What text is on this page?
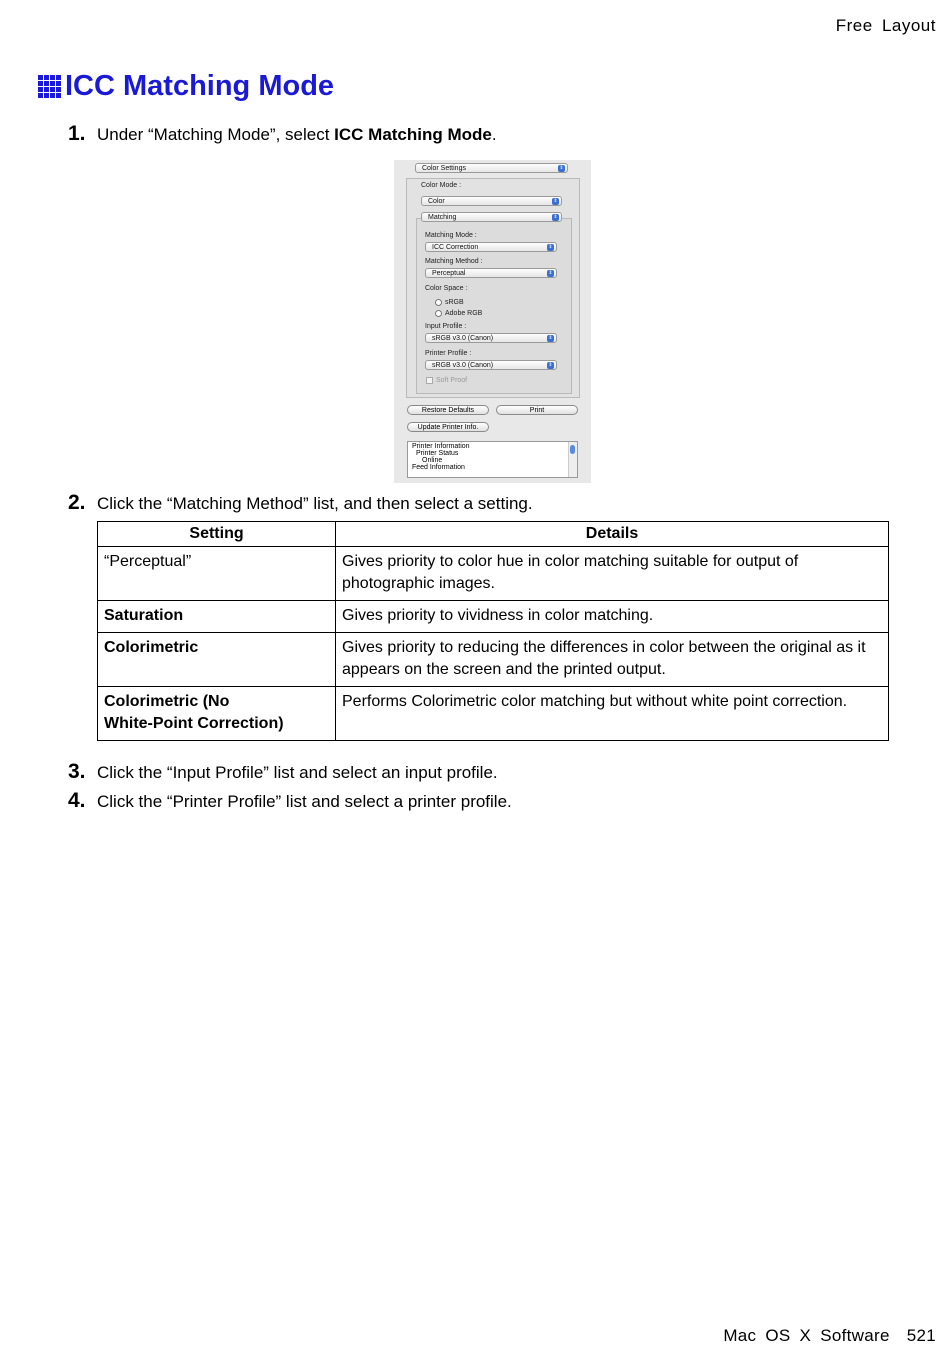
Free Layout
ICC Matching Mode
1. Under “Matching Mode”, select ICC Matching Mode.
Color Settings	⇕
Color Mode :
Color	⇕
Matching	⇕
Matching Mode :
ICC Correction	⇕
Matching Method :
Perceptual	⇕
Color Space :
sRGB
Adobe RGB
Input Profile :
sRGB v3.0 (Canon)	⇕
Printer Profile :
sRGB v3.0 (Canon)	⇕
Soft Proof
Restore Defaults	Print
Update Printer Info.
Printer Information
Printer Status
Online
Feed Information
2. Click the “Matching Method” list, and then select a setting.
Setting	Details
“Perceptual”	Gives priority to color hue in color matching suitable for output of photographic images.
Saturation	Gives priority to vividness in color matching.
Colorimetric	Gives priority to reducing the differences in color between the original as it appears on the screen and the printed output.

Colorimetric (No
White-Point Correction)	Performs Colorimetric color matching but without white point correction.
3. Click the “Input Profile” list and select an input profile.
4. Click the “Printer Profile” list and select a printer profile.
Mac OS X Software 521
